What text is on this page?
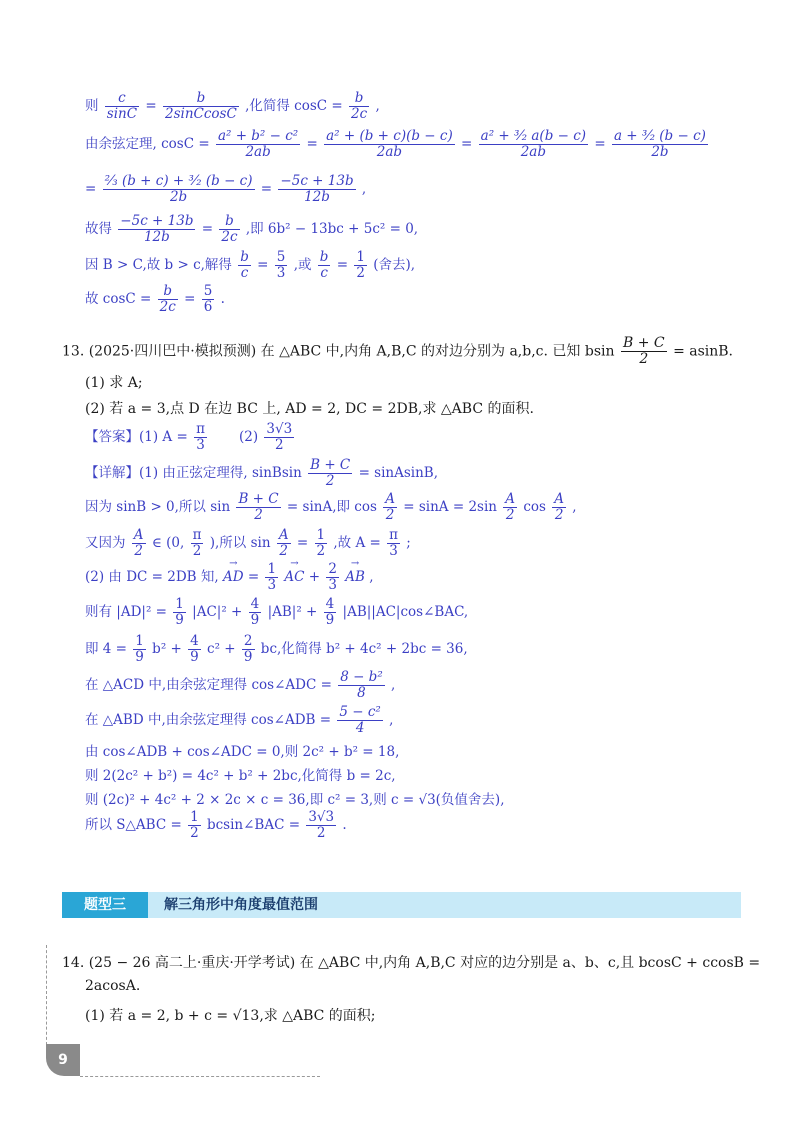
则 $\frac{c}{\sin C} = \frac{b}{\text{2sinCcosC}}$ ,化简得 $\cos C = \frac{b}{2c}$ ,
由余弦定理, $\cos C = \frac{\text{a² + b² − c²}}{2ab} = \frac{\text{a² + (b + c)(b − c)}}{2ab} = \frac{\text{a² + ³⁄₂ a(b − c)}}{2ab} = \frac{\text{a + ³⁄₂ (b − c)}}{2b}$
= $\frac{\text{²⁄₃ (b + c) + ³⁄₂ (b − c)}}{2b} = \frac{-5c + 13b}{12b}$ ,
故得 $\frac{-5c + 13b}{12b} = \frac{b}{2c}$ ,即 6b² − 13bc + 5c² = 0,
因 B > C,故 b > c,解得 $\frac{b}{c} = \frac{5}{3}$ ,或 $\frac{b}{c} = \frac{1}{2}$ (舍去),
故 $\cos C = \frac{b}{2c} = \frac{5}{6}$ .
13. (2025·四川巴中·模拟预测) 在 △ABC 中,内角 A,B,C 的对边分别为 a,b,c. 已知 bsin $\frac{B + C}{2} = asinB$.
(1) 求 A;
(2) 若 a = 3,点 D 在边 BC 上, AD = 2, DC = 2DB,求 △ABC 的面积.
【答案】(1) $A = \frac{\pi}{3} (2) \frac{3√3}{2}$
【详解】(1) 由正弦定理得, sinBsin $\frac{B + C}{2}$ = sinAsinB,
因为 sinB > 0,所以 $\sin \frac{B + C}{2} = \sin A$,即 $\cos \frac{A}{2} = \sin A = 2\sin \frac{A}{2}$ $\cos \frac{A}{2}$ ,
又因为 $\frac{A}{2}$ ∈ (0, $\frac{\pi}{2}$ ),所以 $\sin \frac{A}{2} = \frac{1}{2}$ ,故 $A = \frac{\pi}{3}$ ;
(2) 由 DC = 2DB 知, → AD = $\frac{1}{3}$ → AC + $\frac{2}{3}$ → AB ,
则有 $|AD|^2 = \frac{1}{9} |AC|^2 + \frac{4}{9} |AB|^2 + \frac{4}{9}$ |AB||AC|cos∠BAC,
即 $4 = \frac{1}{9} b^2 + \frac{4}{9} c^2 + \frac{2}{9}$ bc,化简得 b² + 4c² + 2bc = 36,
在 △ACD 中,由余弦定理得 cos∠ADC = $\frac{\text{8 − b²}}{8}$ ,
在 △ABD 中,由余弦定理得 cos∠ADB = $\frac{\text{5 − c²}}{4}$ ,
由 cos∠ADB + cos∠ADC = 0,则 2c² + b² = 18,
则 2(2c² + b²) = 4c² + b² + 2bc,化简得 b = 2c,
则 (2c)² + 4c² + 2 × 2c × c = 36,即 c² = 3,则 c = √3(负值舍去),
所以 S△ABC = $\frac{1}{2}$ bcsin∠BAC = $\frac{3√3}{2}$ .
题型三	解三角形中角度最值范围
14. (25 − 26 高二上·重庆·开学考试) 在 △ABC 中,内角 A,B,C 对应的边分别是 a、b、c,且 bcosC + ccosB =
2acosA.
(1) 若 a = 2, b + c = √13,求 △ABC 的面积;
9
